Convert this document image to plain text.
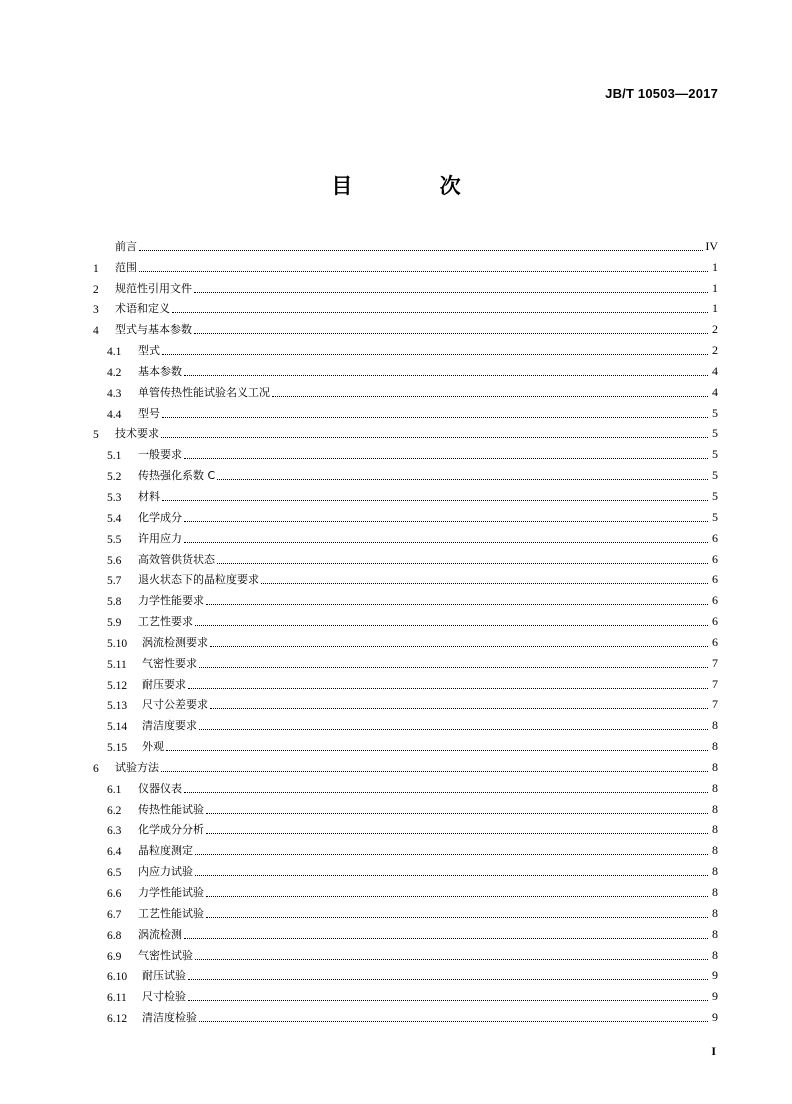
JB/T 10503—2017
目 次
前言	IV
1	范围	1
2	规范性引用文件	1
3	术语和定义	1
4	型式与基本参数	2
4.1	型式	2
4.2	基本参数	4
4.3	单管传热性能试验名义工况	4
4.4	型号	5
5	技术要求	5
5.1	一般要求	5
5.2	传热强化系数 C	5
5.3	材料	5
5.4	化学成分	5
5.5	许用应力	6
5.6	高效管供货状态	6
5.7	退火状态下的晶粒度要求	6
5.8	力学性能要求	6
5.9	工艺性要求	6
5.10	涡流检测要求	6
5.11	气密性要求	7
5.12	耐压要求	7
5.13	尺寸公差要求	7
5.14	清洁度要求	8
5.15	外观	8
6	试验方法	8
6.1	仪器仪表	8
6.2	传热性能试验	8
6.3	化学成分分析	8
6.4	晶粒度测定	8
6.5	内应力试验	8
6.6	力学性能试验	8
6.7	工艺性能试验	8
6.8	涡流检测	8
6.9	气密性试验	8
6.10	耐压试验	9
6.11	尺寸检验	9
6.12	清洁度检验	9
I
